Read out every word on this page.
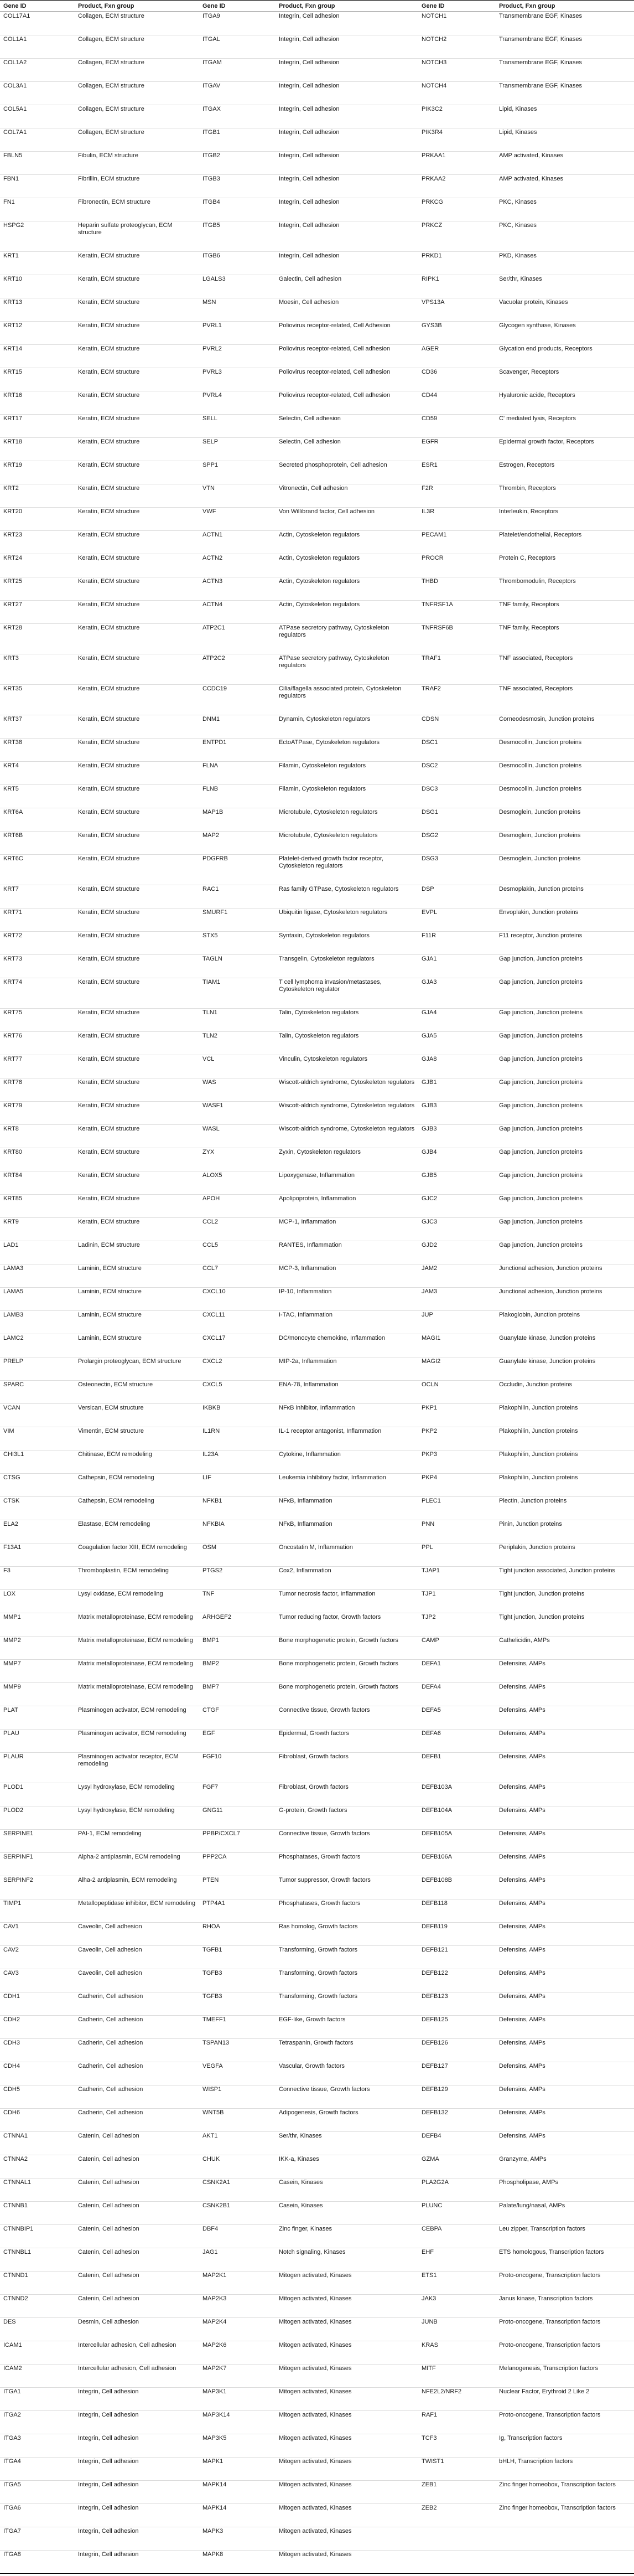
Gene ID	Product, Fxn group	Gene ID	Product, Fxn group	Gene ID	Product, Fxn group
COL17A1	Collagen, ECM structure	ITGA9	Integrin, Cell adhesion	NOTCH1	Transmembrane EGF, Kinases
COL1A1	Collagen, ECM structure	ITGAL	Integrin, Cell adhesion	NOTCH2	Transmembrane EGF, Kinases
COL1A2	Collagen, ECM structure	ITGAM	Integrin, Cell adhesion	NOTCH3	Transmembrane EGF, Kinases
COL3A1	Collagen, ECM structure	ITGAV	Integrin, Cell adhesion	NOTCH4	Transmembrane EGF, Kinases
COL5A1	Collagen, ECM structure	ITGAX	Integrin, Cell adhesion	PIK3C2	Lipid, Kinases
COL7A1	Collagen, ECM structure	ITGB1	Integrin, Cell adhesion	PIK3R4	Lipid, Kinases
FBLN5	Fibulin, ECM structure	ITGB2	Integrin, Cell adhesion	PRKAA1	AMP activated, Kinases
FBN1	Fibrillin, ECM structure	ITGB3	Integrin, Cell adhesion	PRKAA2	AMP activated, Kinases
FN1	Fibronectin, ECM structure	ITGB4	Integrin, Cell adhesion	PRKCG	PKC, Kinases
HSPG2	Heparin sulfate proteoglycan, ECM structure	ITGB5	Integrin, Cell adhesion	PRKCZ	PKC, Kinases
KRT1	Keratin, ECM structure	ITGB6	Integrin, Cell adhesion	PRKD1	PKD, Kinases
KRT10	Keratin, ECM structure	LGALS3	Galectin, Cell adhesion	RIPK1	Ser/thr, Kinases
KRT13	Keratin, ECM structure	MSN	Moesin, Cell adhesion	VPS13A	Vacuolar protein, Kinases
KRT12	Keratin, ECM structure	PVRL1	Poliovirus receptor-related, Cell Adhesion	GYS3B	Glycogen synthase, Kinases
KRT14	Keratin, ECM structure	PVRL2	Poliovirus receptor-related, Cell adhesion	AGER	Glycation end products, Receptors
KRT15	Keratin, ECM structure	PVRL3	Poliovirus receptor-related, Cell adhesion	CD36	Scavenger, Receptors
KRT16	Keratin, ECM structure	PVRL4	Poliovirus receptor-related, Cell adhesion	CD44	Hyaluronic acide, Receptors
KRT17	Keratin, ECM structure	SELL	Selectin, Cell adhesion	CD59	C' mediated lysis, Receptors
KRT18	Keratin, ECM structure	SELP	Selectin, Cell adhesion	EGFR	Epidermal growth factor, Receptors
KRT19	Keratin, ECM structure	SPP1	Secreted phosphoprotein, Cell adhesion	ESR1	Estrogen, Receptors
KRT2	Keratin, ECM structure	VTN	Vitronectin, Cell adhesion	F2R	Thrombin, Receptors
KRT20	Keratin, ECM structure	VWF	Von Willibrand factor, Cell adhesion	IL3R	Interleukin, Receptors
KRT23	Keratin, ECM structure	ACTN1	Actin, Cytoskeleton regulators	PECAM1	Platelet/endothelial, Receptors
KRT24	Keratin, ECM structure	ACTN2	Actin, Cytoskeleton regulators	PROCR	Protein C, Receptors
KRT25	Keratin, ECM structure	ACTN3	Actin, Cytoskeleton regulators	THBD	Thrombomodulin, Receptors
KRT27	Keratin, ECM structure	ACTN4	Actin, Cytoskeleton regulators	TNFRSF1A	TNF family, Receptors
KRT28	Keratin, ECM structure	ATP2C1	ATPase secretory pathway, Cytoskeleton regulators	TNFRSF6B	TNF family, Receptors
KRT3	Keratin, ECM structure	ATP2C2	ATPase secretory pathway, Cytoskeleton regulators	TRAF1	TNF associated, Receptors
KRT35	Keratin, ECM structure	CCDC19	Cilia/flagella associated protein, Cytoskeleton regulators	TRAF2	TNF associated, Receptors
KRT37	Keratin, ECM structure	DNM1	Dynamin, Cytoskeleton regulators	CDSN	Corneodesmosin, Junction proteins
KRT38	Keratin, ECM structure	ENTPD1	EctoATPase, Cytoskeleton regulators	DSC1	Desmocollin, Junction proteins
KRT4	Keratin, ECM structure	FLNA	Filamin, Cytoskeleton regulators	DSC2	Desmocollin, Junction proteins
KRT5	Keratin, ECM structure	FLNB	Filamin, Cytoskeleton regulators	DSC3	Desmocollin, Junction proteins
KRT6A	Keratin, ECM structure	MAP1B	Microtubule, Cytoskeleton regulators	DSG1	Desmoglein, Junction proteins
KRT6B	Keratin, ECM structure	MAP2	Microtubule, Cytoskeleton regulators	DSG2	Desmoglein, Junction proteins
KRT6C	Keratin, ECM structure	PDGFRB	Platelet-derived growth factor receptor, Cytoskeleton regulators	DSG3	Desmoglein, Junction proteins
KRT7	Keratin, ECM structure	RAC1	Ras family GTPase, Cytoskeleton regulators	DSP	Desmoplakin, Junction proteins
KRT71	Keratin, ECM structure	SMURF1	Ubiquitin ligase, Cytoskeleton regulators	EVPL	Envoplakin, Junction proteins
KRT72	Keratin, ECM structure	STX5	Syntaxin, Cytoskeleton regulators	F11R	F11 receptor, Junction proteins
KRT73	Keratin, ECM structure	TAGLN	Transgelin, Cytoskeleton regulators	GJA1	Gap junction, Junction proteins
KRT74	Keratin, ECM structure	TIAM1	T cell lymphoma invasion/metastases, Cytoskeleton regulator	GJA3	Gap junction, Junction proteins
KRT75	Keratin, ECM structure	TLN1	Talin, Cytoskeleton regulators	GJA4	Gap junction, Junction proteins
KRT76	Keratin, ECM structure	TLN2	Talin, Cytoskeleton regulators	GJA5	Gap junction, Junction proteins
KRT77	Keratin, ECM structure	VCL	Vinculin, Cytoskeleton regulators	GJA8	Gap junction, Junction proteins
KRT78	Keratin, ECM structure	WAS	Wiscott-aldrich syndrome, Cytoskeleton regulators	GJB1	Gap junction, Junction proteins
KRT79	Keratin, ECM structure	WASF1	Wiscott-aldrich syndrome, Cytoskeleton regulators	GJB3	Gap junction, Junction proteins
KRT8	Keratin, ECM structure	WASL	Wiscott-aldrich syndrome, Cytoskeleton regulators	GJB3	Gap junction, Junction proteins
KRT80	Keratin, ECM structure	ZYX	Zyxin, Cytoskeleton regulators	GJB4	Gap junction, Junction proteins
KRT84	Keratin, ECM structure	ALOX5	Lipoxygenase, Inflammation	GJB5	Gap junction, Junction proteins
KRT85	Keratin, ECM structure	APOH	Apolipoprotein, Inflammation	GJC2	Gap junction, Junction proteins
KRT9	Keratin, ECM structure	CCL2	MCP-1, Inflammation	GJC3	Gap junction, Junction proteins
LAD1	Ladinin, ECM structure	CCL5	RANTES, Inflammation	GJD2	Gap junction, Junction proteins
LAMA3	Laminin, ECM structure	CCL7	MCP-3, Inflammation	JAM2	Junctional adhesion, Junction proteins
LAMA5	Laminin, ECM structure	CXCL10	IP-10, Inflammation	JAM3	Junctional adhesion, Junction proteins
LAMB3	Laminin, ECM structure	CXCL11	I-TAC, Inflammation	JUP	Plakoglobin, Junction proteins
LAMC2	Laminin, ECM structure	CXCL17	DC/monocyte chemokine, Inflammation	MAGI1	Guanylate kinase, Junction proteins
PRELP	Prolargin proteoglycan, ECM structure	CXCL2	MIP-2a, Inflammation	MAGI2	Guanylate kinase, Junction proteins
SPARC	Osteonectin, ECM structure	CXCL5	ENA-78, Inflammation	OCLN	Occludin, Junction proteins
VCAN	Versican, ECM structure	IKBKB	NFκB inhibitor, Inflammation	PKP1	Plakophilin, Junction proteins
VIM	Vimentin, ECM structure	IL1RN	IL-1 receptor antagonist, Inflammation	PKP2	Plakophilin, Junction proteins
CHI3L1	Chitinase, ECM remodeling	IL23A	Cytokine, Inflammation	PKP3	Plakophilin, Junction proteins
CTSG	Cathepsin, ECM remodeling	LIF	Leukemia inhibitory factor, Inflammation	PKP4	Plakophilin, Junction proteins
CTSK	Cathepsin, ECM remodeling	NFKB1	NFκB, Inflammation	PLEC1	Plectin, Junction proteins
ELA2	Elastase, ECM remodeling	NFKBIA	NFκB, Inflammation	PNN	Pinin, Junction proteins
F13A1	Coagulation factor XIII, ECM remodeling	OSM	Oncostatin M, Inflammation	PPL	Periplakin, Junction proteins
F3	Thromboplastin, ECM remodeling	PTGS2	Cox2, Inflammation	TJAP1	Tight junction associated, Junction proteins
LOX	Lysyl oxidase, ECM remodeling	TNF	Tumor necrosis factor, Inflammation	TJP1	Tight junction, Junction proteins
MMP1	Matrix metalloproteinase, ECM remodeling	ARHGEF2	Tumor reducing factor, Growth factors	TJP2	Tight junction, Junction proteins
MMP2	Matrix metalloproteinase, ECM remodeling	BMP1	Bone morphogenetic protein, Growth factors	CAMP	Cathelicidin, AMPs
MMP7	Matrix metalloproteinase, ECM remodeling	BMP2	Bone morphogenetic protein, Growth factors	DEFA1	Defensins, AMPs
MMP9	Matrix metalloproteinase, ECM remodeling	BMP7	Bone morphogenetic protein, Growth factors	DEFA4	Defensins, AMPs
PLAT	Plasminogen activator, ECM remodeling	CTGF	Connective tissue, Growth factors	DEFA5	Defensins, AMPs
PLAU	Plasminogen activator, ECM remodeling	EGF	Epidermal, Growth factors	DEFA6	Defensins, AMPs
PLAUR	Plasminogen activator receptor, ECM remodeling	FGF10	Fibroblast, Growth factors	DEFB1	Defensins, AMPs
PLOD1	Lysyl hydroxylase, ECM remodeling	FGF7	Fibroblast, Growth factors	DEFB103A	Defensins, AMPs
PLOD2	Lysyl hydroxylase, ECM remodeling	GNG11	G-protein, Growth factors	DEFB104A	Defensins, AMPs
SERPINE1	PAI-1, ECM remodeling	PPBP/CXCL7	Connective tissue, Growth factors	DEFB105A	Defensins, AMPs
SERPINF1	Alpha-2 antiplasmin, ECM remodeling	PPP2CA	Phosphatases, Growth factors	DEFB106A	Defensins, AMPs
SERPINF2	Alha-2 antiplasmin, ECM remodeling	PTEN	Tumor suppressor, Growth factors	DEFB108B	Defensins, AMPs
TIMP1	Metallopeptidase inhibitor, ECM remodeling	PTP4A1	Phosphatases, Growth factors	DEFB118	Defensins, AMPs
CAV1	Caveolin, Cell adhesion	RHOA	Ras homolog, Growth factors	DEFB119	Defensins, AMPs
CAV2	Caveolin, Cell adhesion	TGFB1	Transforming, Growth factors	DEFB121	Defensins, AMPs
CAV3	Caveolin, Cell adhesion	TGFB3	Transforming, Growth factors	DEFB122	Defensins, AMPs
CDH1	Cadherin, Cell adhesion	TGFB3	Transforming, Growth factors	DEFB123	Defensins, AMPs
CDH2	Cadherin, Cell adhesion	TMEFF1	EGF-like, Growth factors	DEFB125	Defensins, AMPs
CDH3	Cadherin, Cell adhesion	TSPAN13	Tetraspanin, Growth factors	DEFB126	Defensins, AMPs
CDH4	Cadherin, Cell adhesion	VEGFA	Vascular, Growth factors	DEFB127	Defensins, AMPs
CDH5	Cadherin, Cell adhesion	WISP1	Connective tissue, Growth factors	DEFB129	Defensins, AMPs
CDH6	Cadherin, Cell adhesion	WNT5B	Adipogenesis, Growth factors	DEFB132	Defensins, AMPs
CTNNA1	Catenin, Cell adhesion	AKT1	Ser/thr, Kinases	DEFB4	Defensins, AMPs
CTNNA2	Catenin, Cell adhesion	CHUK	IKK-a, Kinases	GZMA	Granzyme, AMPs
CTNNAL1	Catenin, Cell adhesion	CSNK2A1	Casein, Kinases	PLA2G2A	Phospholipase, AMPs
CTNNB1	Catenin, Cell adhesion	CSNK2B1	Casein, Kinases	PLUNC	Palate/lung/nasal, AMPs
CTNNBIP1	Catenin, Cell adhesion	DBF4	Zinc finger, Kinases	CEBPA	Leu zipper, Transcription factors
CTNNBL1	Catenin, Cell adhesion	JAG1	Notch signaling, Kinases	EHF	ETS homologous, Transcription factors
CTNND1	Catenin, Cell adhesion	MAP2K1	Mitogen activated, Kinases	ETS1	Proto-oncogene, Transcription factors
CTNND2	Catenin, Cell adhesion	MAP2K3	Mitogen activated, Kinases	JAK3	Janus kinase, Transcription factors
DES	Desmin, Cell adhesion	MAP2K4	Mitogen activated, Kinases	JUNB	Proto-oncogene, Transcription factors
ICAM1	Intercellular adhesion, Cell adhesion	MAP2K6	Mitogen activated, Kinases	KRAS	Proto-oncogene, Transcription factors
ICAM2	Intercellular adhesion, Cell adhesion	MAP2K7	Mitogen activated, Kinases	MITF	Melanogenesis, Transcription factors
ITGA1	Integrin, Cell adhesion	MAP3K1	Mitogen activated, Kinases	NFE2L2/NRF2	Nuclear Factor, Erythroid 2 Like 2
ITGA2	Integrin, Cell adhesion	MAP3K14	Mitogen activated, Kinases	RAF1	Proto-oncogene, Transcription factors
ITGA3	Integrin, Cell adhesion	MAP3K5	Mitogen activated, Kinases	TCF3	Ig, Transcription factors
ITGA4	Integrin, Cell adhesion	MAPK1	Mitogen activated, Kinases	TWIST1	bHLH, Transcription factors
ITGA5	Integrin, Cell adhesion	MAPK14	Mitogen activated, Kinases	ZEB1	Zinc finger homeobox, Transcription factors
ITGA6	Integrin, Cell adhesion	MAPK14	Mitogen activated, Kinases	ZEB2	Zinc finger homeobox, Transcription factors
ITGA7	Integrin, Cell adhesion	MAPK3	Mitogen activated, Kinases		
ITGA8	Integrin, Cell adhesion	MAPK8	Mitogen activated, Kinases		
